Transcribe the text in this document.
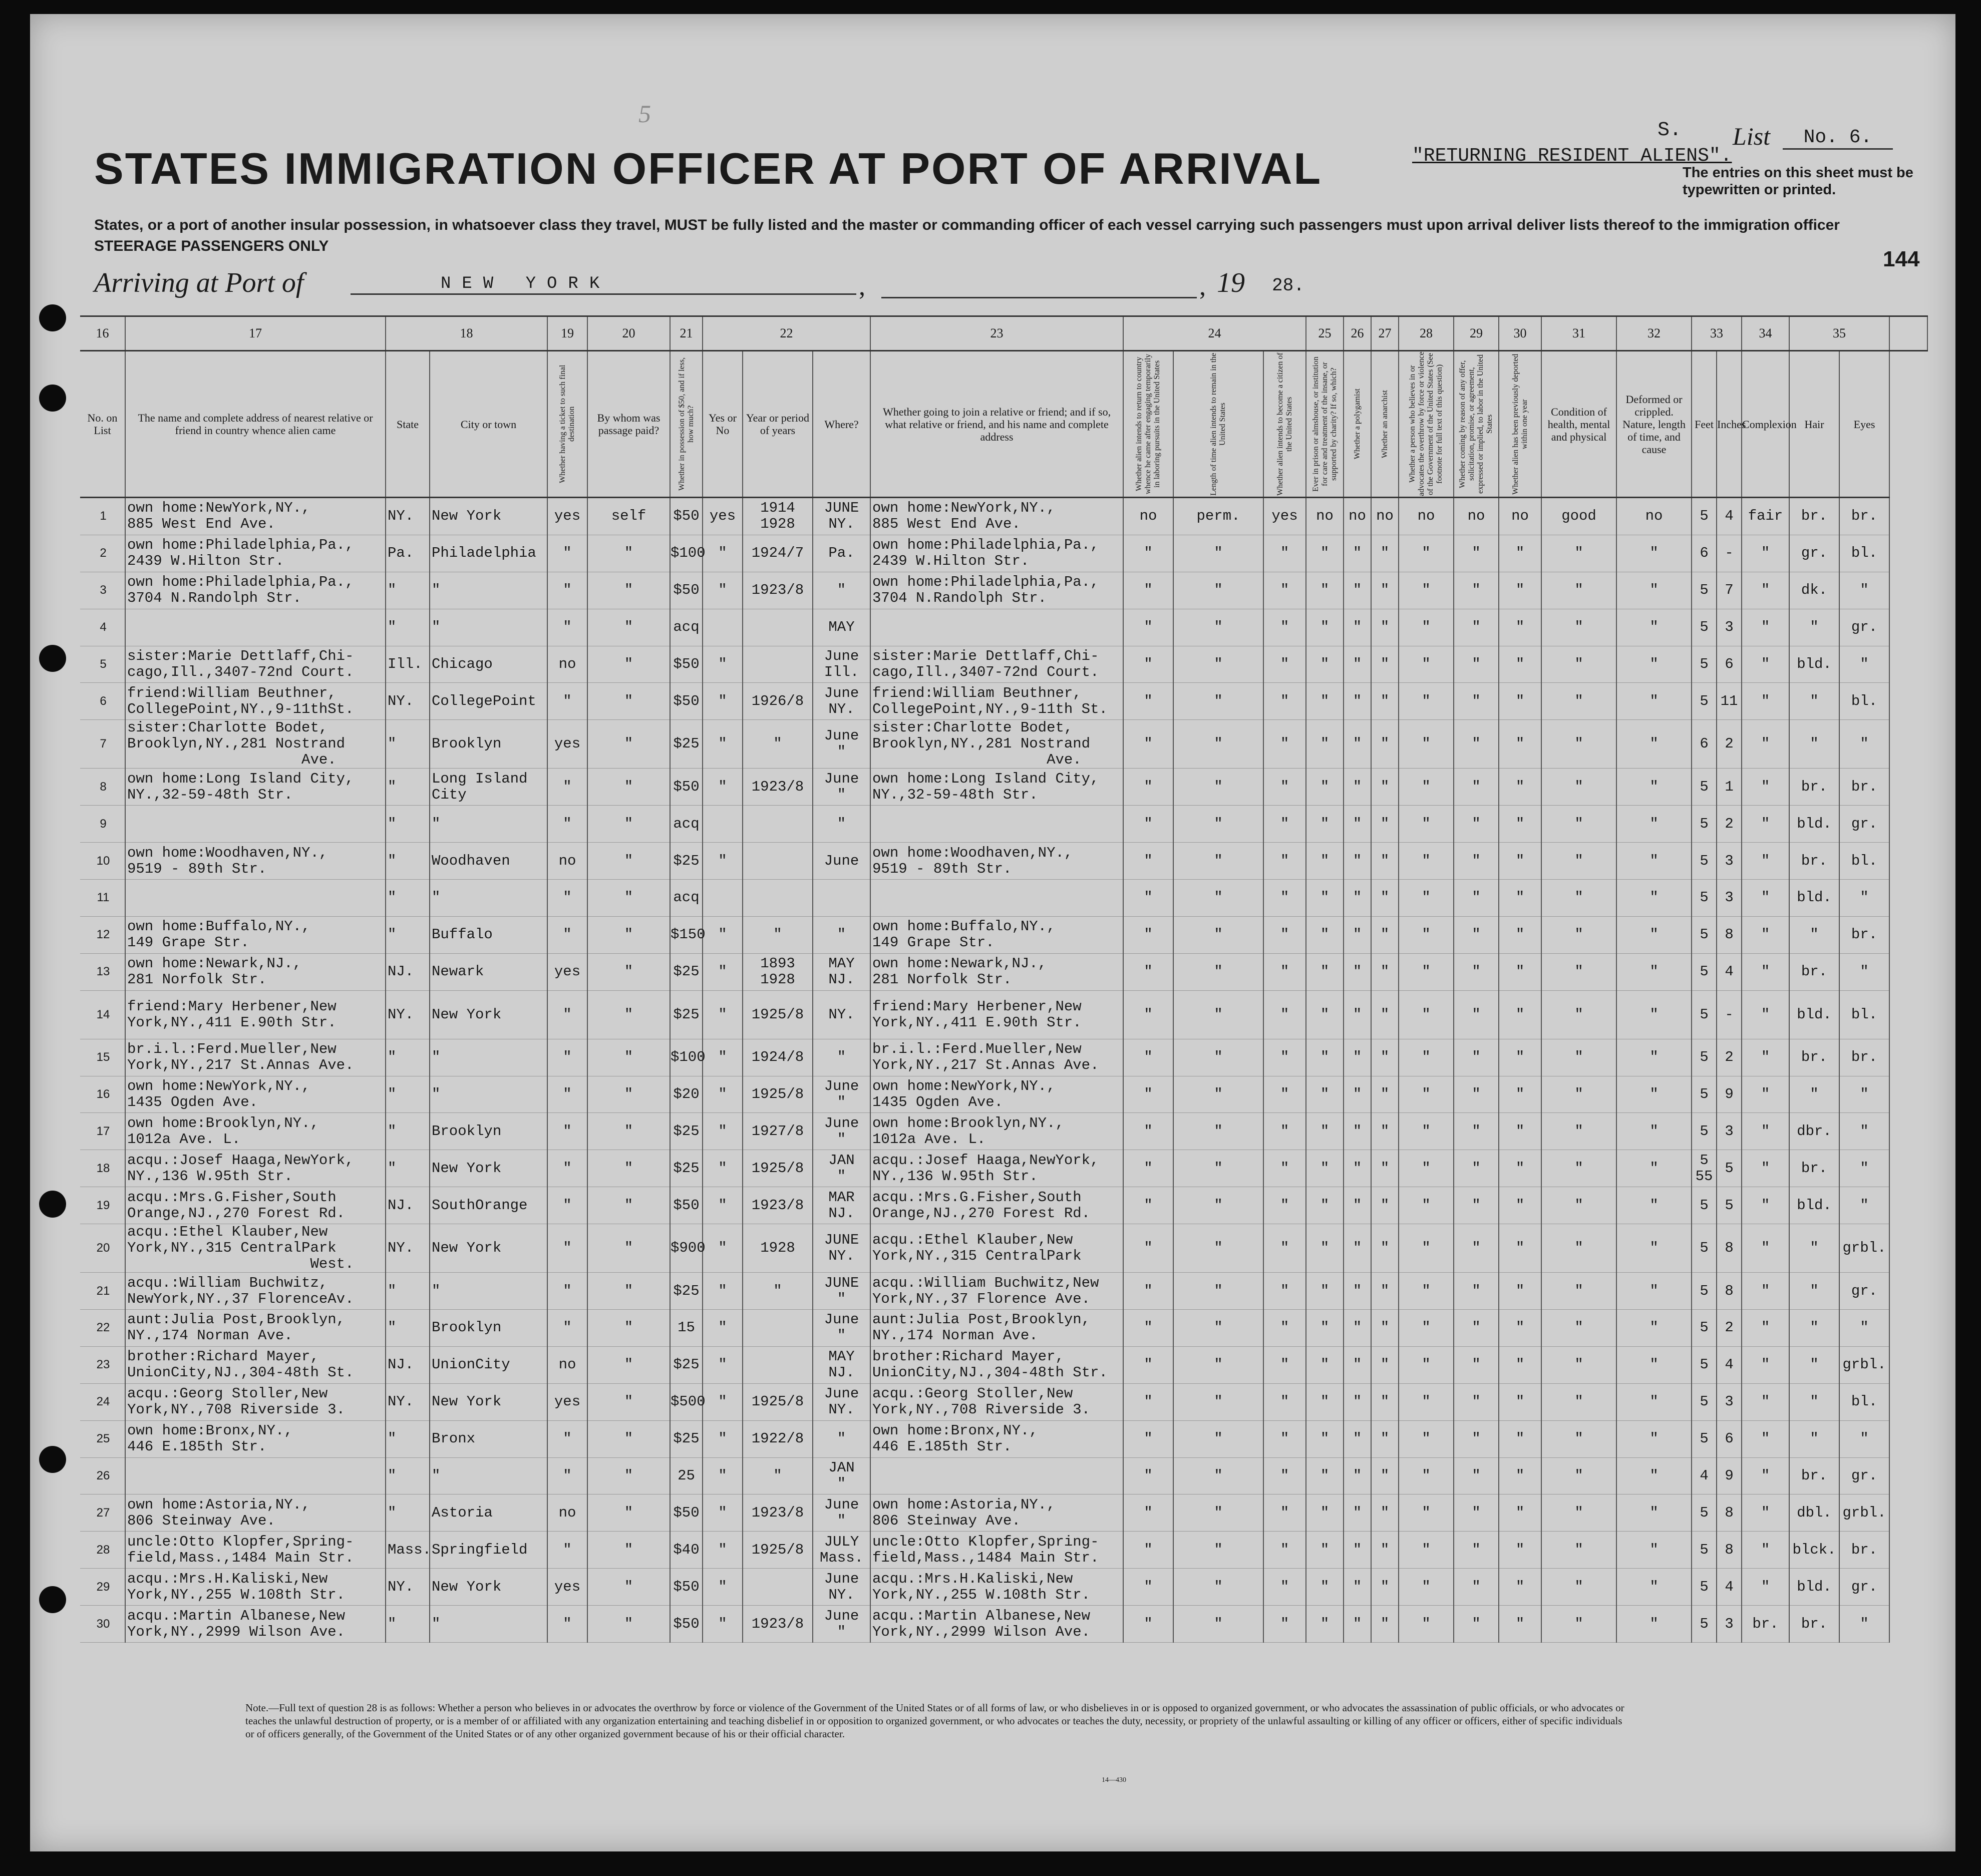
5
STATES IMMIGRATION OFFICER AT PORT OF ARRIVAL
S.
"RETURNING RESIDENT ALIENS".
List	No. 6.
The entries on this sheet must be typewritten or printed.
States, or a port of another insular possession, in whatsoever class they travel, MUST be fully listed and the master or commanding officer of each vessel carrying such passengers must upon arrival deliver lists thereof to the immigration officer
STEERAGE PASSENGERS ONLY
144
Arriving at Port of	NEW YORK	,	, 19 28.
16	17	18		19	20	21	22			23	24			25	26	27	28	29	30	31	32	33		34	35		
No. on List	The name and complete address of nearest relative or friend in country whence alien came	State	City or town	Whether having a ticket to such final destination	By whom was passage paid?	Whether in possession of $50, and if less, how much?	Yes or No	Year or period of years	Where?	Whether going to join a relative or friend; and if so, what relative or friend, and his name and complete address	Whether alien intends to return to country whence he came after engaging temporarily in laboring pursuits in the United States	Length of time alien intends to remain in the United States	Whether alien intends to become a citizen of the United States	Ever in prison or almshouse, or institution for care and treatment of the insane, or supported by charity? If so, which?	Whether a polygamist	Whether an anarchist	Whether a person who believes in or advocates the overthrow by force or violence of the Government of the United States (See footnote for full text of this question)	Whether coming by reason of any offer, solicitation, promise, or agreement, expressed or implied, to labor in the United States	Whether alien has been previously deported within one year	Condition of health, mental and physical	Deformed or crippled. Nature, length of time, and cause	Feet	Inches	Complexion	Hair	Eyes	
1	own home:NewYork,NY.,
885 West End Ave.	NY.	New York	yes	self	$50	yes	1914
1928	JUNE
NY.	own home:NewYork,NY.,
885 West End Ave.	no	perm.	yes	no	no	no	no	no	no	good	no	5	4	fair	br.	br.	
2	own home:Philadelphia,Pa.,
2439 W.Hilton Str.	Pa.	Philadelphia	"	"	$100	"	1924/7	Pa.	own home:Philadelphia,Pa.,
2439 W.Hilton Str.	"	"	"	"	"	"	"	"	"	"	"	6	-	"	gr.	bl.	
3	own home:Philadelphia,Pa.,
3704 N.Randolph Str.	"	"	"	"	$50	"	1923/8	"	own home:Philadelphia,Pa.,
3704 N.Randolph Str.	"	"	"	"	"	"	"	"	"	"	"	5	7	"	dk.	"	
4		"	"	"	"	acq			MAY		"	"	"	"	"	"	"	"	"	"	"	5	3	"	"	gr.	
5	sister:Marie Dettlaff,Chi-
cago,Ill.,3407-72nd Court.	Ill.	Chicago	no	"	$50	"		June
Ill.	sister:Marie Dettlaff,Chi-
cago,Ill.,3407-72nd Court.	"	"	"	"	"	"	"	"	"	"	"	5	6	"	bld.	"	
6	friend:William Beuthner,
CollegePoint,NY.,9-11thSt.	NY.	CollegePoint	"	"	$50	"	1926/8	June
NY.	friend:William Beuthner,
CollegePoint,NY.,9-11th St.	"	"	"	"	"	"	"	"	"	"	"	5	11	"	"	bl.	
7	sister:Charlotte Bodet,
Brooklyn,NY.,281 Nostrand
Ave.	"	Brooklyn	yes	"	$25	"	"	June
"	sister:Charlotte Bodet,
Brooklyn,NY.,281 Nostrand
Ave.	"	"	"	"	"	"	"	"	"	"	"	6	2	"	"	"	
8	own home:Long Island City,
NY.,32-59-48th Str.	"	Long Island
City	"	"	$50	"	1923/8	June
"	own home:Long Island City,
NY.,32-59-48th Str.	"	"	"	"	"	"	"	"	"	"	"	5	1	"	br.	br.	
9		"	"	"	"	acq			"		"	"	"	"	"	"	"	"	"	"	"	5	2	"	bld.	gr.	
10	own home:Woodhaven,NY.,
9519 - 89th Str.	"	Woodhaven	no	"	$25	"		June	own home:Woodhaven,NY.,
9519 - 89th Str.	"	"	"	"	"	"	"	"	"	"	"	5	3	"	br.	bl.	
11		"	"	"	"	acq					"	"	"	"	"	"	"	"	"	"	"	5	3	"	bld.	"	
12	own home:Buffalo,NY.,
149 Grape Str.	"	Buffalo	"	"	$150	"	"	"	own home:Buffalo,NY.,
149 Grape Str.	"	"	"	"	"	"	"	"	"	"	"	5	8	"	"	br.	
13	own home:Newark,NJ.,
281 Norfolk Str.	NJ.	Newark	yes	"	$25	"	1893
1928	MAY
NJ.	own home:Newark,NJ.,
281 Norfolk Str.	"	"	"	"	"	"	"	"	"	"	"	5	4	"	br.	"	
14	friend:Mary Herbener,New
York,NY.,411 E.90th Str.	NY.	New York	"	"	$25	"	1925/8	NY.	friend:Mary Herbener,New
York,NY.,411 E.90th Str.	"	"	"	"	"	"	"	"	"	"	"	5	-	"	bld.	bl.	
15	br.i.l.:Ferd.Mueller,New
York,NY.,217 St.Annas Ave.	"	"	"	"	$100	"	1924/8	"	br.i.l.:Ferd.Mueller,New
York,NY.,217 St.Annas Ave.	"	"	"	"	"	"	"	"	"	"	"	5	2	"	br.	br.	
16	own home:NewYork,NY.,
1435 Ogden Ave.	"	"	"	"	$20	"	1925/8	June
"	own home:NewYork,NY.,
1435 Ogden Ave.	"	"	"	"	"	"	"	"	"	"	"	5	9	"	"	"	
17	own home:Brooklyn,NY.,
1012a Ave. L.	"	Brooklyn	"	"	$25	"	1927/8	June
"	own home:Brooklyn,NY.,
1012a Ave. L.	"	"	"	"	"	"	"	"	"	"	"	5	3	"	dbr.	"	
18	acqu.:Josef Haaga,NewYork,
NY.,136 W.95th Str.	"	New York	"	"	$25	"	1925/8	JAN
"	acqu.:Josef Haaga,NewYork,
NY.,136 W.95th Str.	"	"	"	"	"	"	"	"	"	"	"	5
55	5	"	br.	"	
19	acqu.:Mrs.G.Fisher,South
Orange,NJ.,270 Forest Rd.	NJ.	SouthOrange	"	"	$50	"	1923/8	MAR
NJ.	acqu.:Mrs.G.Fisher,South
Orange,NJ.,270 Forest Rd.	"	"	"	"	"	"	"	"	"	"	"	5	5	"	bld.	"	
20	acqu.:Ethel Klauber,New
York,NY.,315 CentralPark
West.	NY.	New York	"	"	$900	"	1928	JUNE
NY.	acqu.:Ethel Klauber,New
York,NY.,315 CentralPark	"	"	"	"	"	"	"	"	"	"	"	5	8	"	"	grbl.	
21	acqu.:William Buchwitz,
NewYork,NY.,37 FlorenceAv.	"	"	"	"	$25	"	"	JUNE
"	acqu.:William Buchwitz,New
York,NY.,37 Florence Ave.	"	"	"	"	"	"	"	"	"	"	"	5	8	"	"	gr.	
22	aunt:Julia Post,Brooklyn,
NY.,174 Norman Ave.	"	Brooklyn	"	"	15	"		June
"	aunt:Julia Post,Brooklyn,
NY.,174 Norman Ave.	"	"	"	"	"	"	"	"	"	"	"	5	2	"	"	"	
23	brother:Richard Mayer,
UnionCity,NJ.,304-48th St.	NJ.	UnionCity	no	"	$25	"		MAY
NJ.	brother:Richard Mayer,
UnionCity,NJ.,304-48th Str.	"	"	"	"	"	"	"	"	"	"	"	5	4	"	"	grbl.	
24	acqu.:Georg Stoller,New
York,NY.,708 Riverside 3.	NY.	New York	yes	"	$500	"	1925/8	June
NY.	acqu.:Georg Stoller,New
York,NY.,708 Riverside 3.	"	"	"	"	"	"	"	"	"	"	"	5	3	"	"	bl.	
25	own home:Bronx,NY.,
446 E.185th Str.	"	Bronx	"	"	$25	"	1922/8	"	own home:Bronx,NY.,
446 E.185th Str.	"	"	"	"	"	"	"	"	"	"	"	5	6	"	"	"	
26		"	"	"	"	25	"	"	JAN
"		"	"	"	"	"	"	"	"	"	"	"	4	9	"	br.	gr.	
27	own home:Astoria,NY.,
806 Steinway Ave.	"	Astoria	no	"	$50	"	1923/8	June
"	own home:Astoria,NY.,
806 Steinway Ave.	"	"	"	"	"	"	"	"	"	"	"	5	8	"	dbl.	grbl.	
28	uncle:Otto Klopfer,Spring-
field,Mass.,1484 Main Str.	Mass.	Springfield	"	"	$40	"	1925/8	JULY
Mass.	uncle:Otto Klopfer,Spring-
field,Mass.,1484 Main Str.	"	"	"	"	"	"	"	"	"	"	"	5	8	"	blck.	br.	
29	acqu.:Mrs.H.Kaliski,New
York,NY.,255 W.108th Str.	NY.	New York	yes	"	$50	"		June
NY.	acqu.:Mrs.H.Kaliski,New
York,NY.,255 W.108th Str.	"	"	"	"	"	"	"	"	"	"	"	5	4	"	bld.	gr.	
30	acqu.:Martin Albanese,New
York,NY.,2999 Wilson Ave.	"	"	"	"	$50	"	1923/8	June
"	acqu.:Martin Albanese,New
York,NY.,2999 Wilson Ave.	"	"	"	"	"	"	"	"	"	"	"	5	3	br.	br.	"	
Note.—Full text of question 28 is as follows: Whether a person who believes in or advocates the overthrow by force or violence of the Government of the United States or of all forms of law, or who disbelieves in or is opposed to organized government, or who advocates the assassination of public officials, or who advocates or teaches the unlawful destruction of property, or is a member of or affiliated with any organization entertaining and teaching disbelief in or opposition to organized government, or who advocates or teaches the duty, necessity, or propriety of the unlawful assaulting or killing of any officer or officers, either of specific individuals or of officers generally, of the Government of the United States or of any other organized government because of his or their official character.
14—430
